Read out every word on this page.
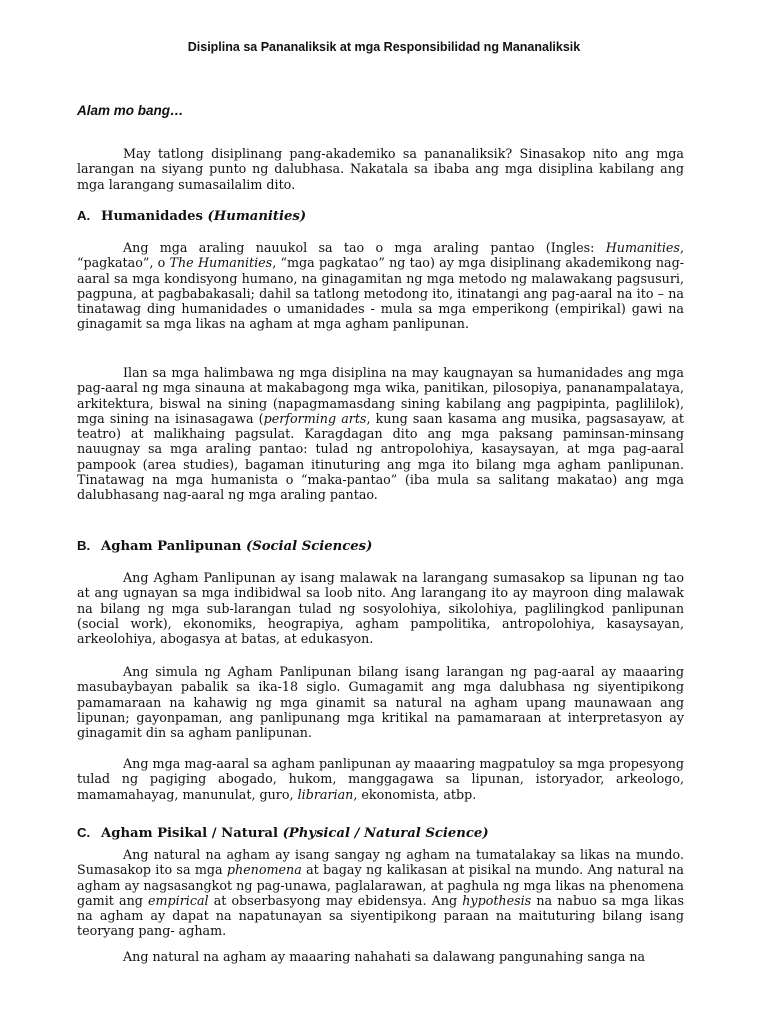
Disiplina sa Pananaliksik at mga Responsibilidad ng Mananaliksik
Alam mo bang…

May tatlong disiplinang pang-akademiko sa pananaliksik? Sinasakop nito ang mga larangan na siyang punto ng dalubhasa. Nakatala sa ibaba ang mga disiplina kabilang ang mga larangang sumasailalim dito.

A. Humanidades (Humanities)

Ang mga araling nauukol sa tao o mga araling pantao (Ingles: Humanities, “pagkatao”, o The Humanities, “mga pagkatao” ng tao) ay mga disiplinang akademikong nag-aaral sa mga kondisyong humano, na ginagamitan ng mga metodo ng malawakang pagsusuri, pagpuna, at pagbabakasali; dahil sa tatlong metodong ito, itinatangi ang pag-aaral na ito – na tinatawag ding humanidades o umanidades - mula sa mga emperikong (empirikal) gawi na ginagamit sa mga likas na agham at mga agham panlipunan.

Ilan sa mga halimbawa ng mga disiplina na may kaugnayan sa humanidades ang mga pag-aaral ng mga sinauna at makabagong mga wika, panitikan, pilosopiya, pananampalataya, arkitektura, biswal na sining (napagmamasdang sining kabilang ang pagpipinta, paglililok), mga sining na isinasagawa (performing arts, kung saan kasama ang musika, pagsasayaw, at teatro) at malikhaing pagsulat. Karagdagan dito ang mga paksang paminsan-minsang nauugnay sa mga araling pantao: tulad ng antropolohiya, kasaysayan, at mga pag-aaral pampook (area studies), bagaman itinuturing ang mga ito bilang mga agham panlipunan. Tinatawag na mga humanista o “maka-pantao” (iba mula sa salitang makatao) ang mga dalubhasang nag-aaral ng mga araling pantao.

B. Agham Panlipunan (Social Sciences)

Ang Agham Panlipunan ay isang malawak na larangang sumasakop sa lipunan ng tao at ang ugnayan sa mga indibidwal sa loob nito. Ang larangang ito ay mayroon ding malawak na bilang ng mga sub-larangan tulad ng sosyolohiya, sikolohiya, paglilingkod panlipunan (social work), ekonomiks, heograpiya, agham pampolitika, antropolohiya, kasaysayan, arkeolohiya, abogasya at batas, at edukasyon.

Ang simula ng Agham Panlipunan bilang isang larangan ng pag-aaral ay maaaring masubaybayan pabalik sa ika-18 siglo. Gumagamit ang mga dalubhasa ng siyentipikong pamamaraan na kahawig ng mga ginamit sa natural na agham upang maunawaan ang lipunan; gayonpaman, ang panlipunang mga kritikal na pamamaraan at interpretasyon ay ginagamit din sa agham panlipunan.

Ang mga mag-aaral sa agham panlipunan ay maaaring magpatuloy sa mga propesyong tulad ng pagiging abogado, hukom, manggagawa sa lipunan, istoryador, arkeologo, mamamahayag, manunulat, guro, librarian, ekonomista, atbp.

C. Agham Pisikal / Natural (Physical / Natural Science)

Ang natural na agham ay isang sangay ng agham na tumatalakay sa likas na mundo. Sumasakop ito sa mga phenomena at bagay ng kalikasan at pisikal na mundo. Ang natural na agham ay nagsasangkot ng pag-unawa, paglalarawan, at paghula ng mga likas na phenomena gamit ang empirical at obserbasyong may ebidensya. Ang hypothesis na nabuo sa mga likas na agham ay dapat na napatunayan sa siyentipikong paraan na maituturing bilang isang teoryang pang- agham.

Ang natural na agham ay maaaring nahahati sa dalawang pangunahing sanga na
